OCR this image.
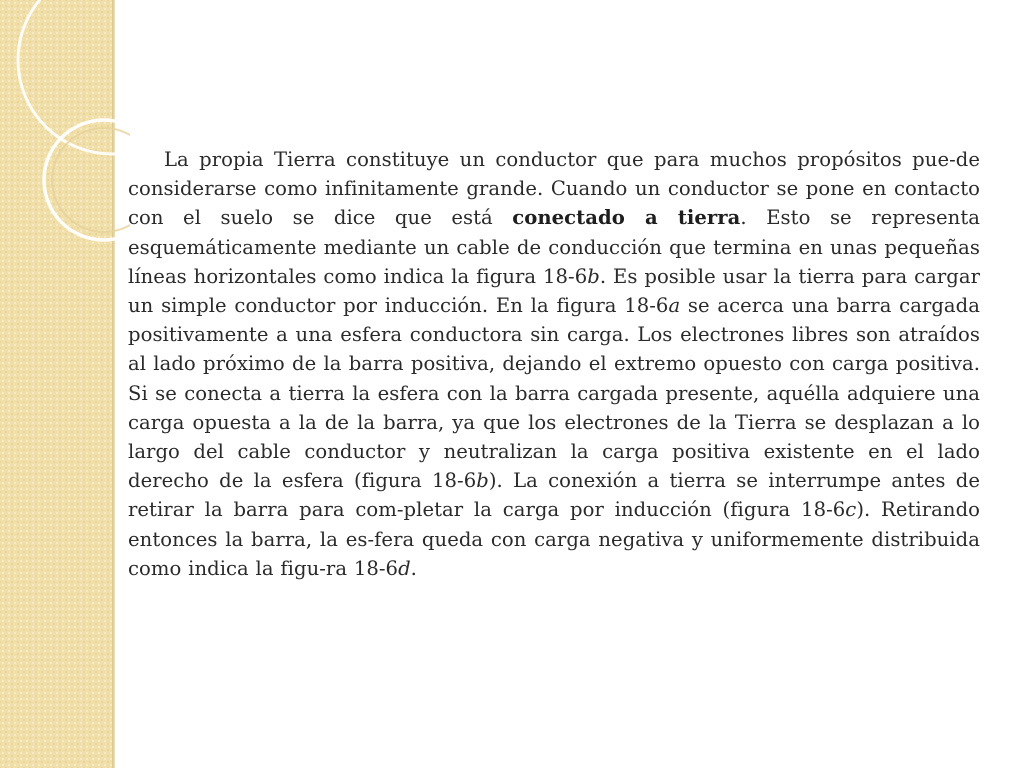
La propia Tierra constituye un conductor que para muchos propósitos pue-de considerarse como infinitamente grande. Cuando un conductor se pone en contacto con el suelo se dice que está conectado a tierra. Esto se representa esquemáticamente mediante un cable de conducción que termina en unas pequeñas líneas horizontales como indica la figura 18-6b. Es posible usar la tierra para cargar un simple conductor por inducción. En la figura 18-6a se acerca una barra cargada positivamente a una esfera conductora sin carga. Los electrones libres son atraídos al lado próximo de la barra positiva, dejando el extremo opuesto con carga positiva. Si se conecta a tierra la esfera con la barra cargada presente, aquélla adquiere una carga opuesta a la de la barra, ya que los electrones de la Tierra se desplazan a lo largo del cable conductor y neutralizan la carga positiva existente en el lado derecho de la esfera (figura 18-6b). La conexión a tierra se interrumpe antes de retirar la barra para com-pletar la carga por inducción (figura 18-6c). Retirando entonces la barra, la es-fera queda con carga negativa y uniformemente distribuida como indica la figu-ra 18-6d.
